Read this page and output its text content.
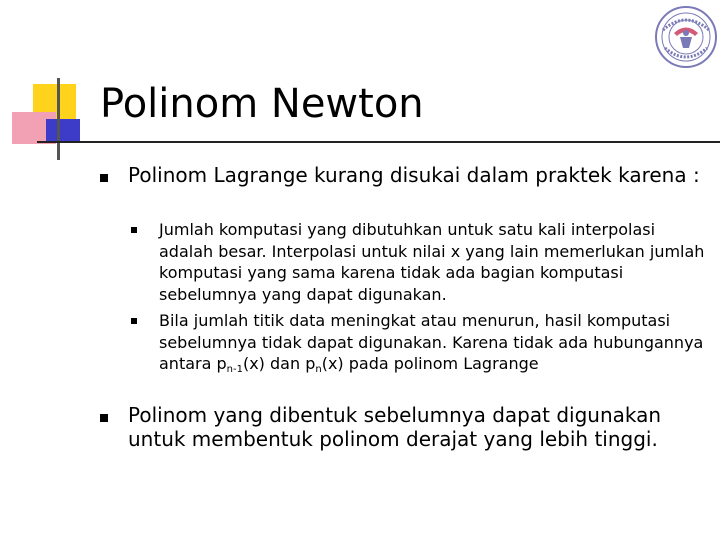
Polinom Newton
Polinom Lagrange kurang disukai dalam praktek karena :
Jumlah komputasi yang dibutuhkan untuk satu kali interpolasi adalah besar. Interpolasi untuk nilai x yang lain memerlukan jumlah komputasi yang sama karena tidak ada bagian komputasi sebelumnya yang dapat digunakan.
Bila jumlah titik data meningkat atau menurun, hasil komputasi sebelumnya tidak dapat digunakan. Karena tidak ada hubungannya antara $p_{n-1}(x)$ dan $p_n(x)$ pada polinom Lagrange
Polinom yang dibentuk sebelumnya dapat digunakan untuk membentuk polinom derajat yang lebih tinggi.
